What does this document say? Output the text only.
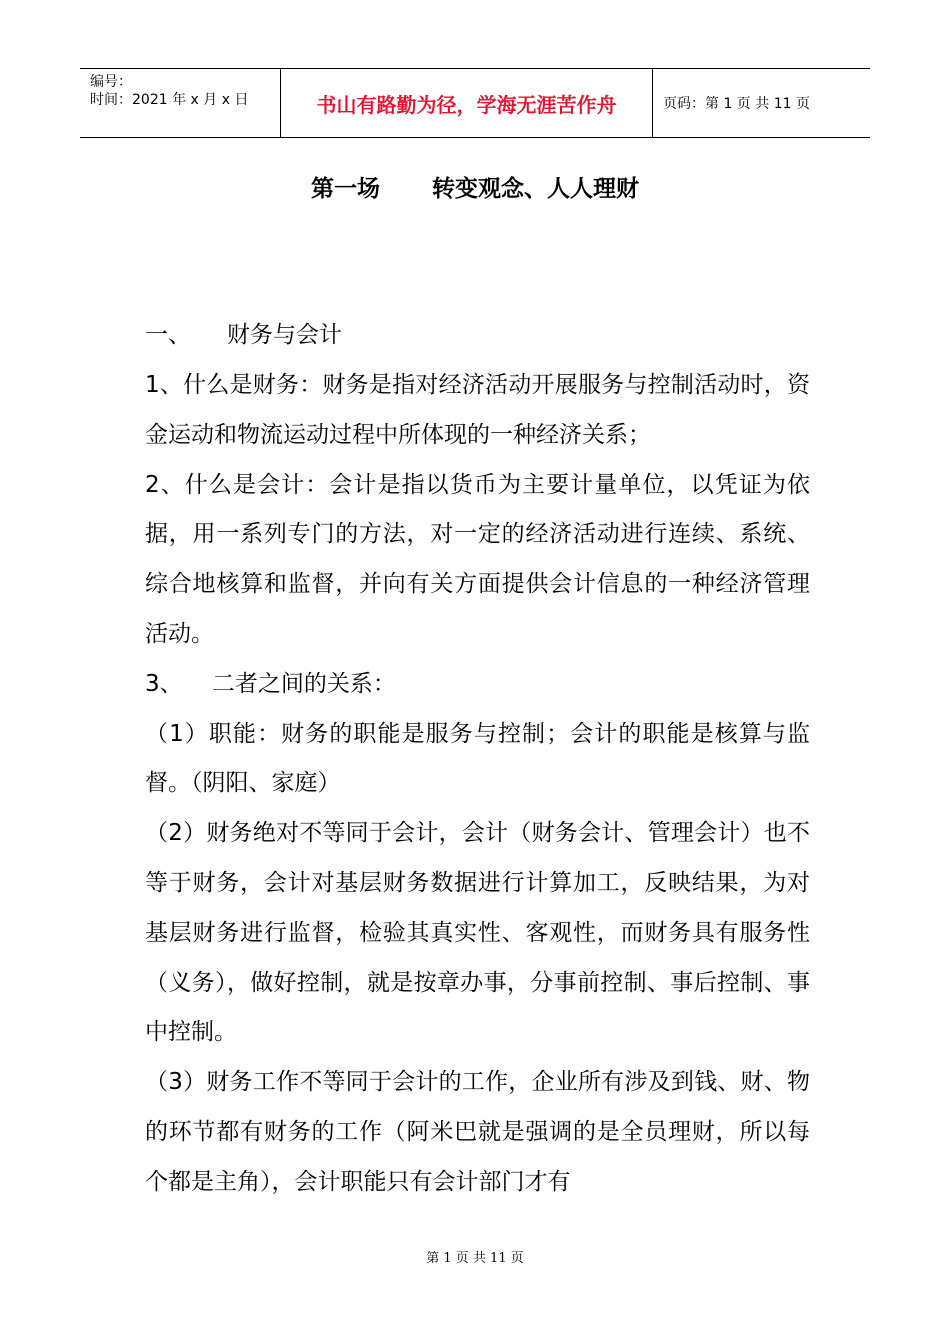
编号：
时间：2021 年 x 月 x 日	书山有路勤为径，学海无涯苦作舟	页码：第 1 页 共 11 页
第一场 转变观念、人人理财
一、 财务与会计

1、什么是财务：财务是指对经济活动开展服务与控制活动时，资金运动和物流运动过程中所体现的一种经济关系；

2、什么是会计：会计是指以货币为主要计量单位，以凭证为依据，用一系列专门的方法，对一定的经济活动进行连续、系统、综合地核算和监督，并向有关方面提供会计信息的一种经济管理活动。

3、    二者之间的关系：

（1）职能：财务的职能是服务与控制；会计的职能是核算与监督。（阴阳、家庭）

（2）财务绝对不等同于会计，会计（财务会计、管理会计）也不等于财务，会计对基层财务数据进行计算加工，反映结果，为对基层财务进行监督，检验其真实性、客观性，而财务具有服务性（义务），做好控制，就是按章办事，分事前控制、事后控制、事中控制。

（3）财务工作不等同于会计的工作，企业所有涉及到钱、财、物的环节都有财务的工作（阿米巴就是强调的是全员理财，所以每个都是主角），会计职能只有会计部门才有

第 1 页 共 11 页
